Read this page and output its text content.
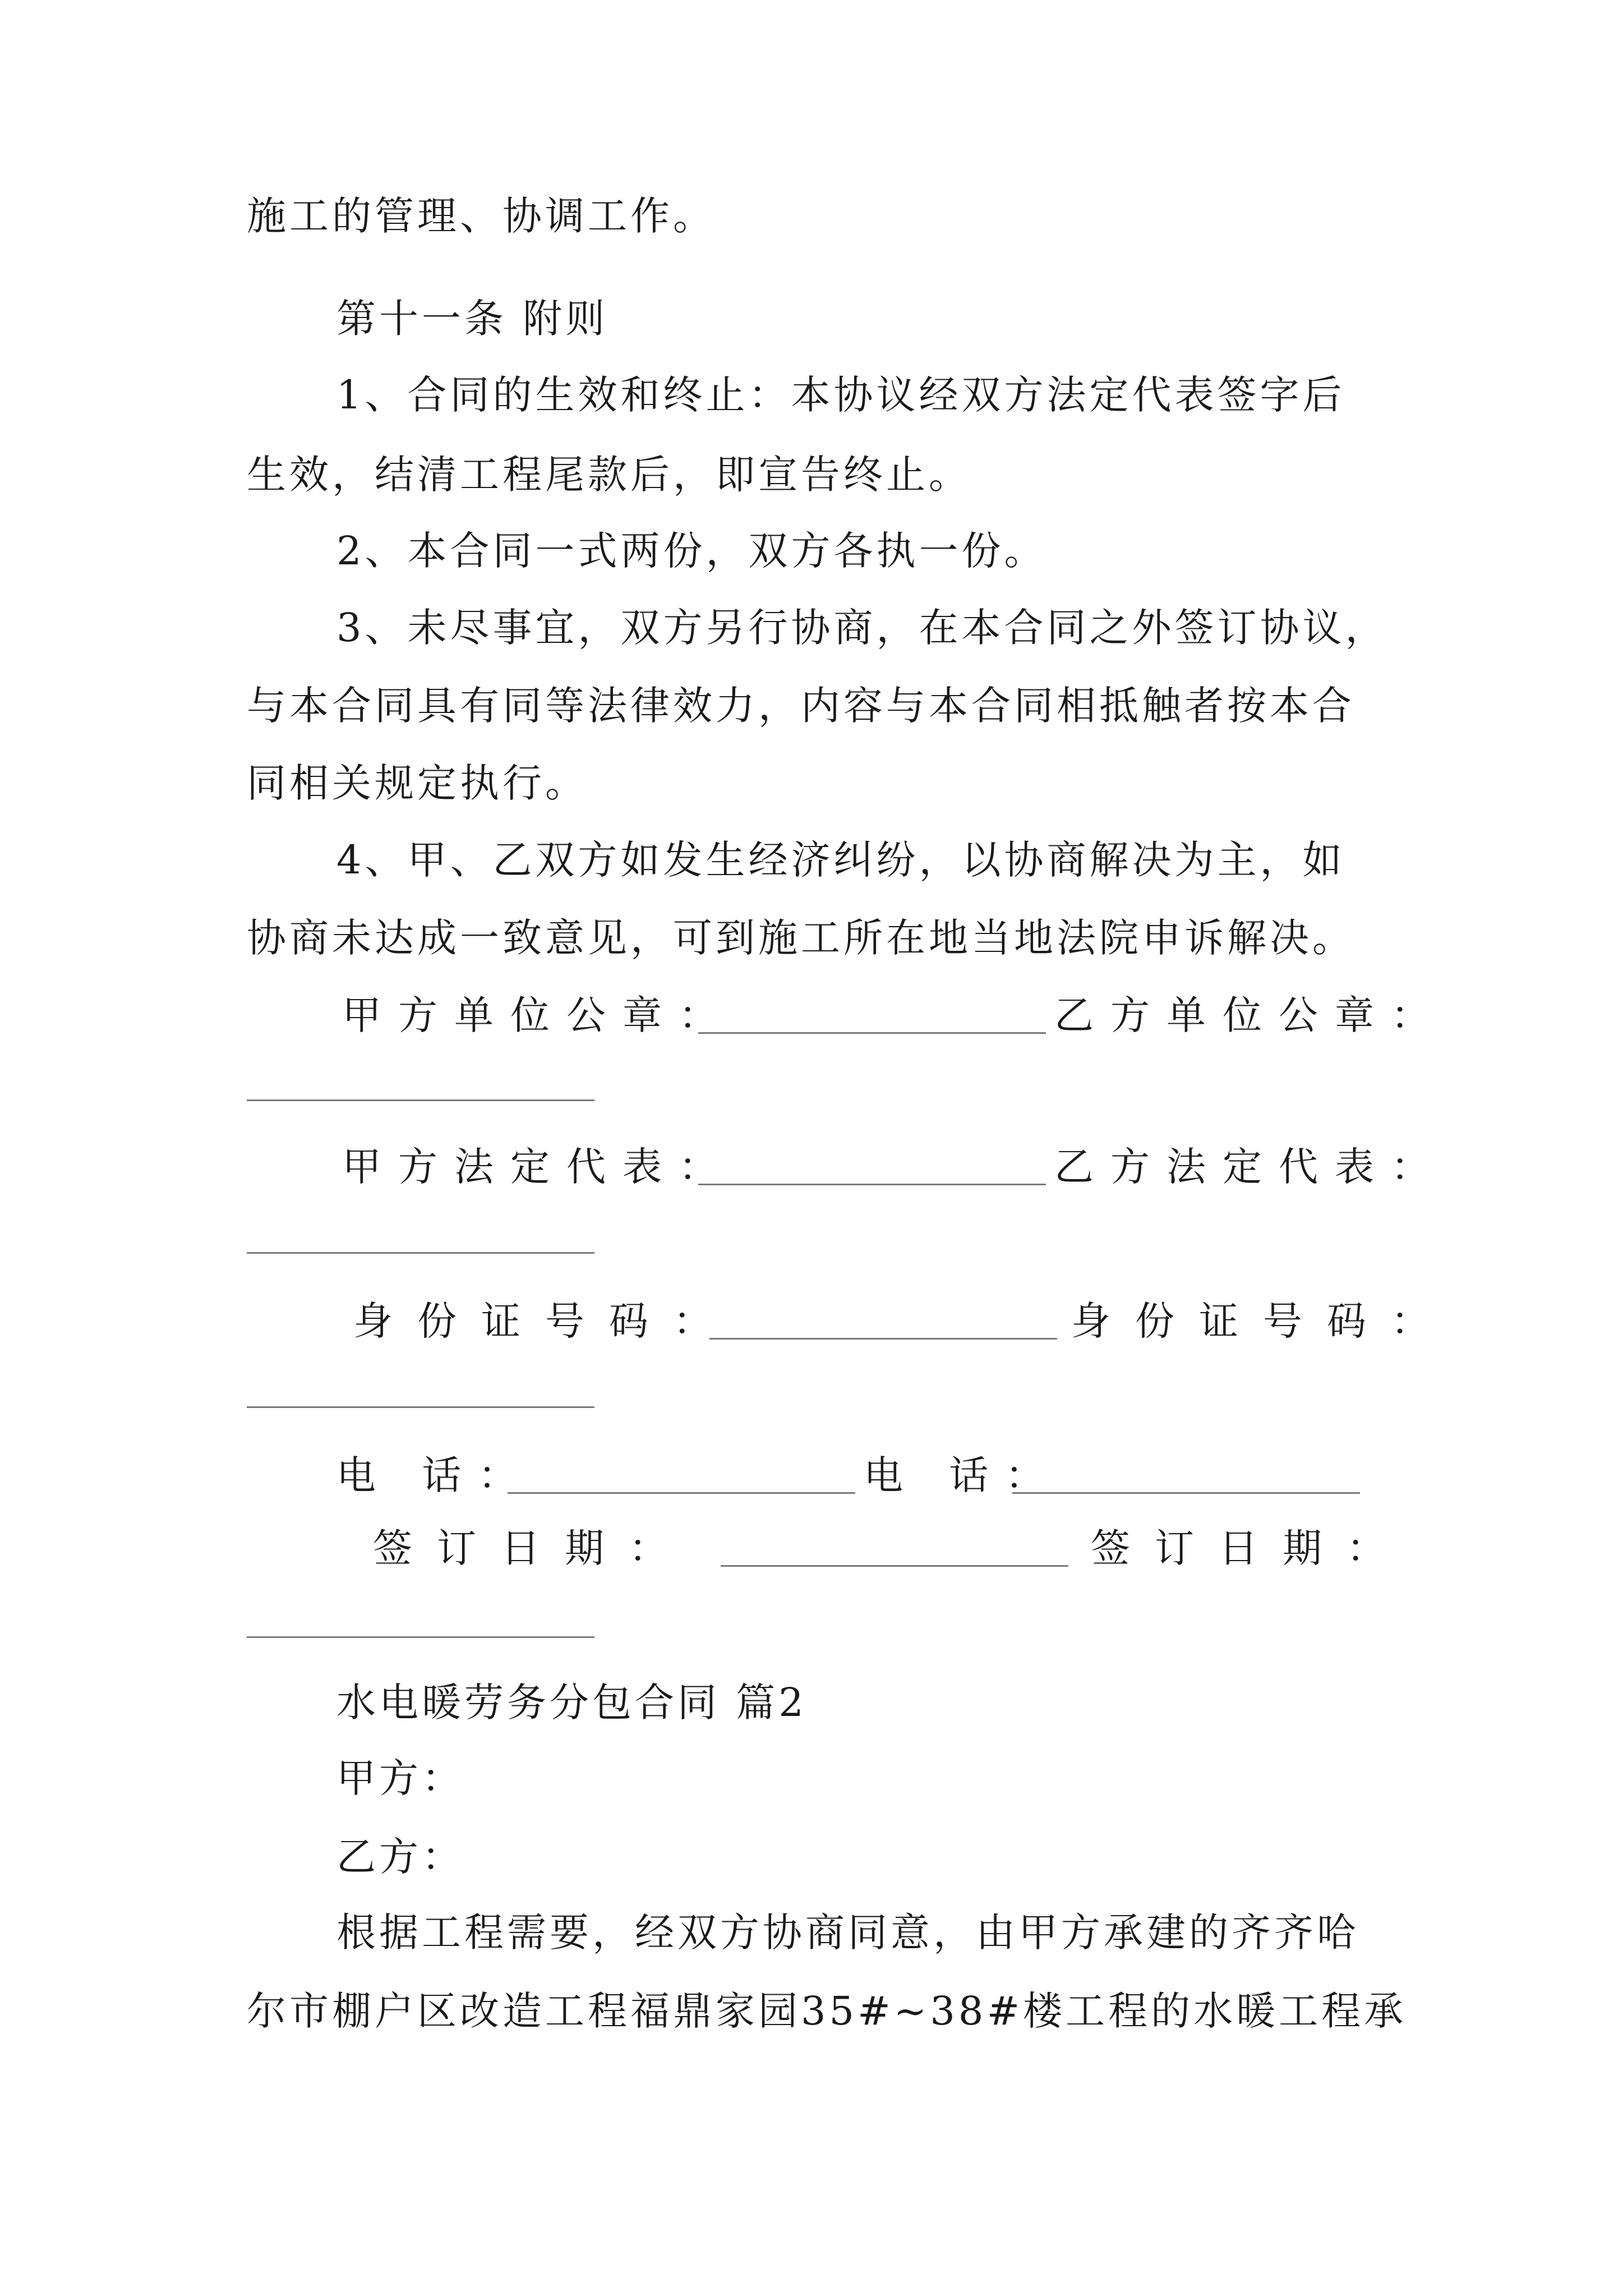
施工的管理、协调工作。
第十一条 附则
1、合同的生效和终止：本协议经双方法定代表签字后
生效，结清工程尾款后，即宣告终止。
2、本合同一式两份，双方各执一份。
3、未尽事宜，双方另行协商，在本合同之外签订协议，
与本合同具有同等法律效力，内容与本合同相抵触者按本合
同相关规定执行。
4、甲、乙双方如发生经济纠纷，以协商解决为主，如
协商未达成一致意见，可到施工所在地当地法院申诉解决。
甲方单位公章：	乙方单位公章：
甲方法定代表：	乙方法定代表：
身份证号码：	身份证号码：
电 话：	电 话：
签订日期：	签订日期：
水电暖劳务分包合同 篇2
甲方：
乙方：
根据工程需要，经双方协商同意，由甲方承建的齐齐哈
尔市棚户区改造工程福鼎家园35#~38#楼工程的水暖工程承
